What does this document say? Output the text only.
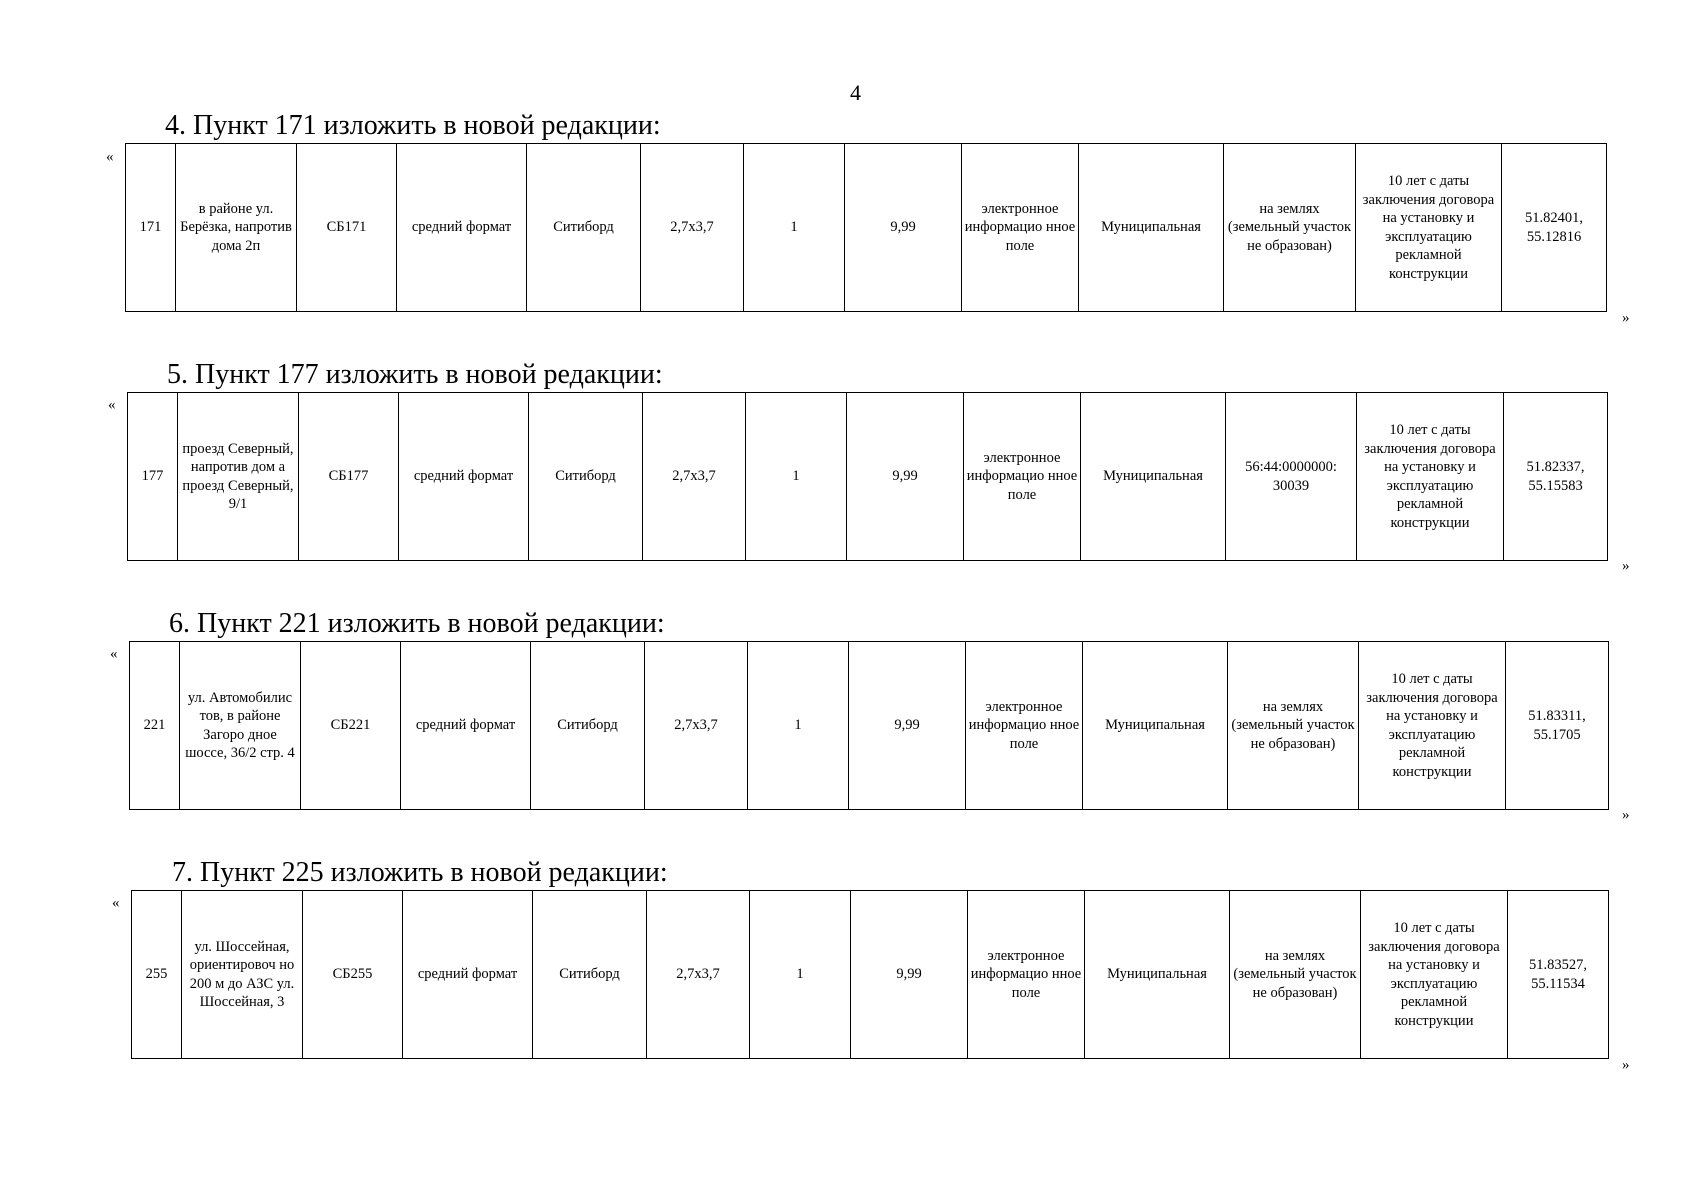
4
4. Пункт 171 изложить в новой редакции:
«
171	в районе ул. Берёзка, напротив дома 2п	СБ171	средний формат	Ситиборд	2,7х3,7	1	9,99	электронное информацио нное поле	Муниципальная	на землях (земельный участок не образован)	10 лет с даты заключения договора на установку и эксплуатацию рекламной конструкции	51.82401, 55.12816
»
5. Пункт 177 изложить в новой редакции:
«
177	проезд Северный, напротив дом а проезд Северный, 9/1	СБ177	средний формат	Ситиборд	2,7х3,7	1	9,99	электронное информацио нное поле	Муниципальная	56:44:0000000: 30039	10 лет с даты заключения договора на установку и эксплуатацию рекламной конструкции	51.82337, 55.15583
»
6. Пункт 221 изложить в новой редакции:
«
221	ул. Автомобилис тов, в районе Загоро дное шоссе, 36/2 стр. 4	СБ221	средний формат	Ситиборд	2,7х3,7	1	9,99	электронное информацио нное поле	Муниципальная	на землях (земельный участок не образован)	10 лет с даты заключения договора на установку и эксплуатацию рекламной конструкции	51.83311, 55.1705
»
7. Пункт 225 изложить в новой редакции:
«
255	ул. Шоссейная, ориентировоч но 200 м до АЗС ул. Шоссейная, 3	СБ255	средний формат	Ситиборд	2,7х3,7	1	9,99	электронное информацио нное поле	Муниципальная	на землях (земельный участок не образован)	10 лет с даты заключения договора на установку и эксплуатацию рекламной конструкции	51.83527, 55.11534
»
